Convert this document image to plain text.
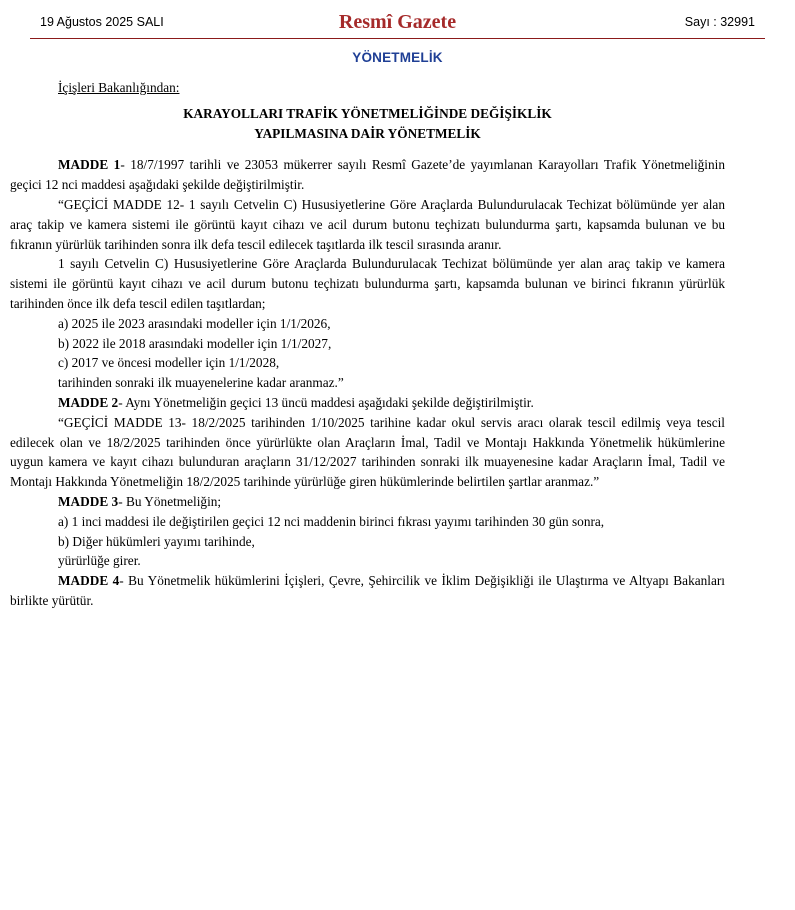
19 Ağustos 2025 SALI	Resmî Gazete	Sayı : 32991
YÖNETMELİK
İçişleri Bakanlığından:
KARAYOLLARI TRAFİK YÖNETMELİĞİNDE DEĞİŞİKLİK
YAPILMASINA DAİR YÖNETMELİK

MADDE 1- 18/7/1997 tarihli ve 23053 mükerrer sayılı Resmî Gazete’de yayımlanan Karayolları Trafik Yönetmeliğinin geçici 12 nci maddesi aşağıdaki şekilde değiştirilmiştir.

“GEÇİCİ MADDE 12- 1 sayılı Cetvelin C) Hususiyetlerine Göre Araçlarda Bulundurulacak Techizat bölümünde yer alan araç takip ve kamera sistemi ile görüntü kayıt cihazı ve acil durum butonu teçhizatı bulundurma şartı, kapsamda bulunan ve bu fıkranın yürürlük tarihinden sonra ilk defa tescil edilecek taşıtlarda ilk tescil sırasında aranır.

1 sayılı Cetvelin C) Hususiyetlerine Göre Araçlarda Bulundurulacak Techizat bölümünde yer alan araç takip ve kamera sistemi ile görüntü kayıt cihazı ve acil durum butonu teçhizatı bulundurma şartı, kapsamda bulunan ve birinci fıkranın yürürlük tarihinden önce ilk defa tescil edilen taşıtlardan;

a) 2025 ile 2023 arasındaki modeller için 1/1/2026,

b) 2022 ile 2018 arasındaki modeller için 1/1/2027,

c) 2017 ve öncesi modeller için 1/1/2028,

tarihinden sonraki ilk muayenelerine kadar aranmaz.”

MADDE 2- Aynı Yönetmeliğin geçici 13 üncü maddesi aşağıdaki şekilde değiştirilmiştir.

“GEÇİCİ MADDE 13- 18/2/2025 tarihinden 1/10/2025 tarihine kadar okul servis aracı olarak tescil edilmiş veya tescil edilecek olan ve 18/2/2025 tarihinden önce yürürlükte olan Araçların İmal, Tadil ve Montajı Hakkında Yönetmelik hükümlerine uygun kamera ve kayıt cihazı bulunduran araçların 31/12/2027 tarihinden sonraki ilk muayenesine kadar Araçların İmal, Tadil ve Montajı Hakkında Yönetmeliğin 18/2/2025 tarihinde yürürlüğe giren hükümlerinde belirtilen şartlar aranmaz.”

MADDE 3- Bu Yönetmeliğin;

a) 1 inci maddesi ile değiştirilen geçici 12 nci maddenin birinci fıkrası yayımı tarihinden 30 gün sonra,

b) Diğer hükümleri yayımı tarihinde,

yürürlüğe girer.

MADDE 4- Bu Yönetmelik hükümlerini İçişleri, Çevre, Şehircilik ve İklim Değişikliği ile Ulaştırma ve Altyapı Bakanları birlikte yürütür.
